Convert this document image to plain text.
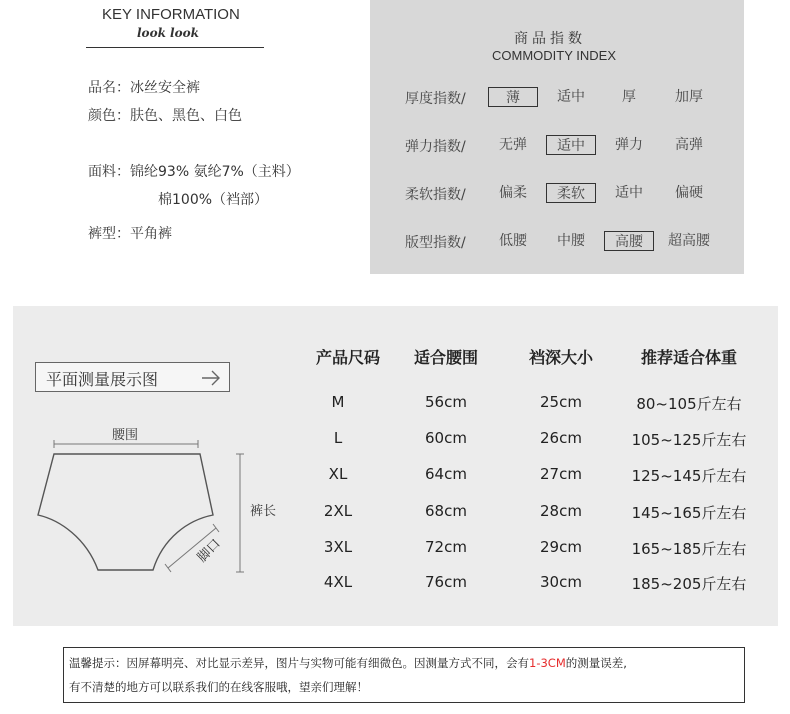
KEY INFORMATION
look look
品名：冰丝安全裤
颜色：肤色、黑色、白色
面料：锦纶93% 氨纶7%（主料）
棉100%（裆部）
裤型：平角裤
商品指数
COMMODITY INDEX
厚度指数/	薄	适中	厚	加厚
弹力指数/	无弹	适中	弹力	高弹
柔软指数/	偏柔	柔软	适中	偏硬
版型指数/	低腰	中腰	高腰	超高腰
平面测量展示图
腰围
裤长
脚口
产品尺码	适合腰围	裆深大小	推荐适合体重
M	56cm	25cm	80~105斤左右
L	60cm	26cm	105~125斤左右
XL	64cm	27cm	125~145斤左右
2XL	68cm	28cm	145~165斤左右
3XL	72cm	29cm	165~185斤左右
4XL	76cm	30cm	185~205斤左右
温馨提示：因屏幕明亮、对比显示差异，图片与实物可能有细微色。因测量方式不同，会有1-3CM的测量误差,
有不清楚的地方可以联系我们的在线客服哦，望亲们理解！
